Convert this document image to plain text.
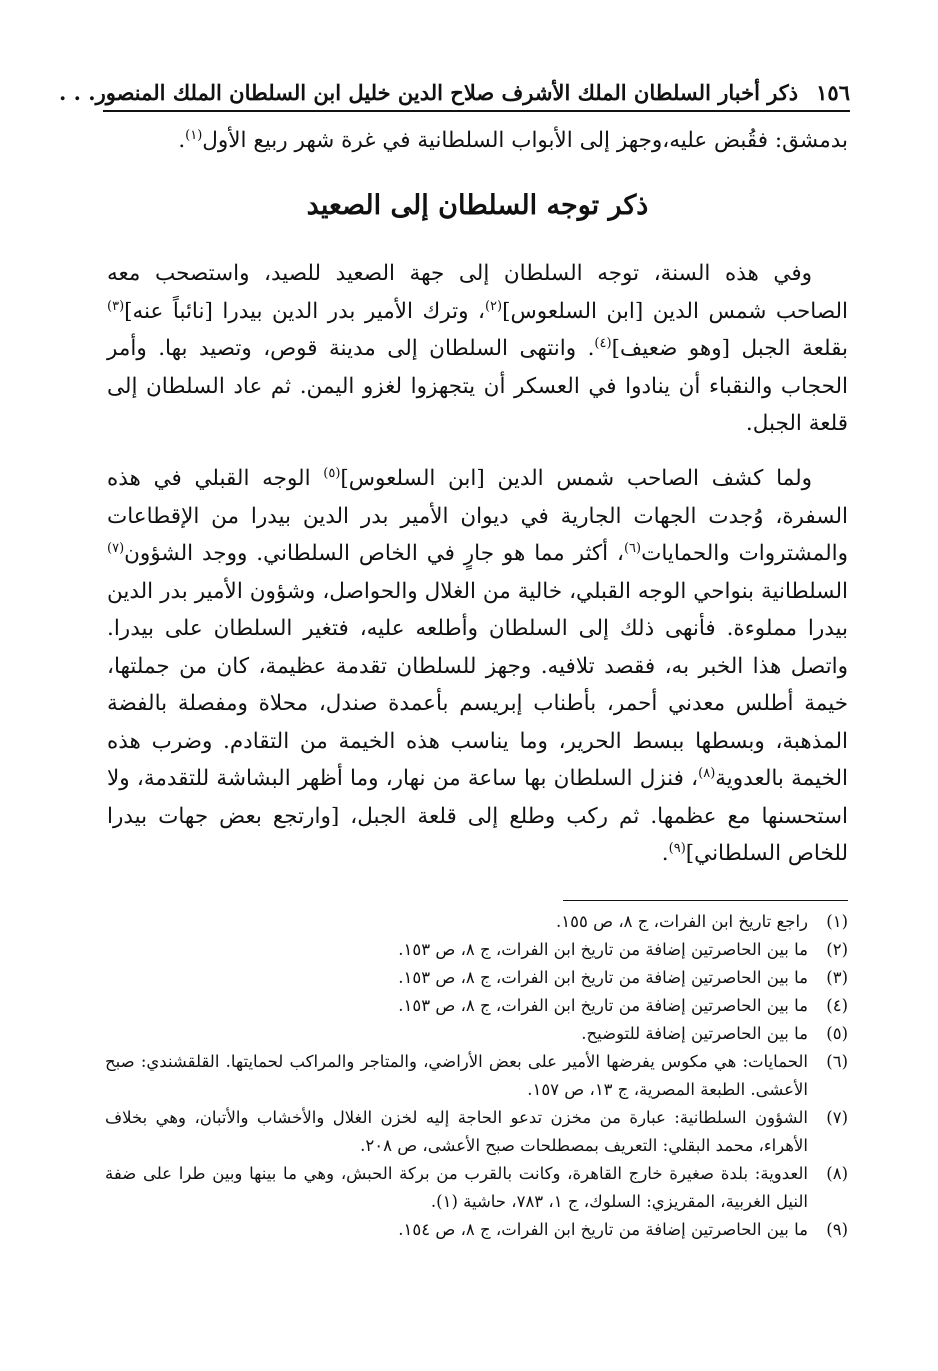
١٥٦
ذكر أخبار السلطان الملك الأشرف صلاح الدين خليل ابن السلطان الملك المنصور. . .
بدمشق: فقُبض عليه،وجهز إلى الأبواب السلطانية في غرة شهر ربيع الأول$^{(١)}$.
ذكر توجه السلطان إلى الصعيد
وفي هذه السنة، توجه السلطان إلى جهة الصعيد للصيد، واستصحب معه الصاحب شمس الدين [ابن السلعوس]$^{(٢)}$، وترك الأمير بدر الدين بيدرا [نائباً عنه]$^{(٣)}$ بقلعة الجبل [وهو ضعيف]$^{(٤)}$. وانتهى السلطان إلى مدينة قوص، وتصيد بها. وأمر الحجاب والنقباء أن ينادوا في العسكر أن يتجهزوا لغزو اليمن. ثم عاد السلطان إلى قلعة الجبل.
ولما كشف الصاحب شمس الدين [ابن السلعوس]$^{(٥)}$ الوجه القبلي في هذه السفرة، وُجدت الجهات الجارية في ديوان الأمير بدر الدين بيدرا من الإقطاعات والمشتروات والحمايات$^{(٦)}$، أكثر مما هو جارٍ في الخاص السلطاني. ووجد الشؤون$^{(٧)}$ السلطانية بنواحي الوجه القبلي، خالية من الغلال والحواصل، وشؤون الأمير بدر الدين بيدرا مملوءة. فأنهى ذلك إلى السلطان وأطلعه عليه، فتغير السلطان على بيدرا. واتصل هذا الخبر به، فقصد تلافيه. وجهز للسلطان تقدمة عظيمة، كان من جملتها، خيمة أطلس معدني أحمر، بأطناب إبريسم بأعمدة صندل، محلاة ومفصلة بالفضة المذهبة، وبسطها ببسط الحرير، وما يناسب هذه الخيمة من التقادم. وضرب هذه الخيمة بالعدوية$^{(٨)}$، فنزل السلطان بها ساعة من نهار، وما أظهر البشاشة للتقدمة، ولا استحسنها مع عظمها. ثم ركب وطلع إلى قلعة الجبل، [وارتجع بعض جهات بيدرا للخاص السلطاني]$^{(٩)}$.
(١)
راجع تاريخ ابن الفرات، ج ٨، ص ١٥٥.
(٢)
ما بين الحاصرتين إضافة من تاريخ ابن الفرات، ج ٨، ص ١٥٣.
(٣)
ما بين الحاصرتين إضافة من تاريخ ابن الفرات، ج ٨، ص ١٥٣.
(٤)
ما بين الحاصرتين إضافة من تاريخ ابن الفرات، ج ٨، ص ١٥٣.
(٥)
ما بين الحاصرتين إضافة للتوضيح.
(٦)
الحمايات: هي مكوس يفرضها الأمير على بعض الأراضي، والمتاجر والمراكب لحمايتها. القلقشندي: صبح الأعشى. الطبعة المصرية، ج ١٣، ص ١٥٧.
(٧)
الشؤون السلطانية: عبارة من مخزن تدعو الحاجة إليه لخزن الغلال والأخشاب والأتبان، وهي بخلاف الأهراء، محمد البقلي: التعريف بمصطلحات صبح الأعشى، ص ٢٠٨.
(٨)
العدوية: بلدة صغيرة خارج القاهرة، وكانت بالقرب من بركة الحبش، وهي ما بينها وبين طرا على ضفة النيل الغربية، المقريزي: السلوك، ج ١، ٧٨٣، حاشية (١).
(٩)
ما بين الحاصرتين إضافة من تاريخ ابن الفرات، ج ٨، ص ١٥٤.
